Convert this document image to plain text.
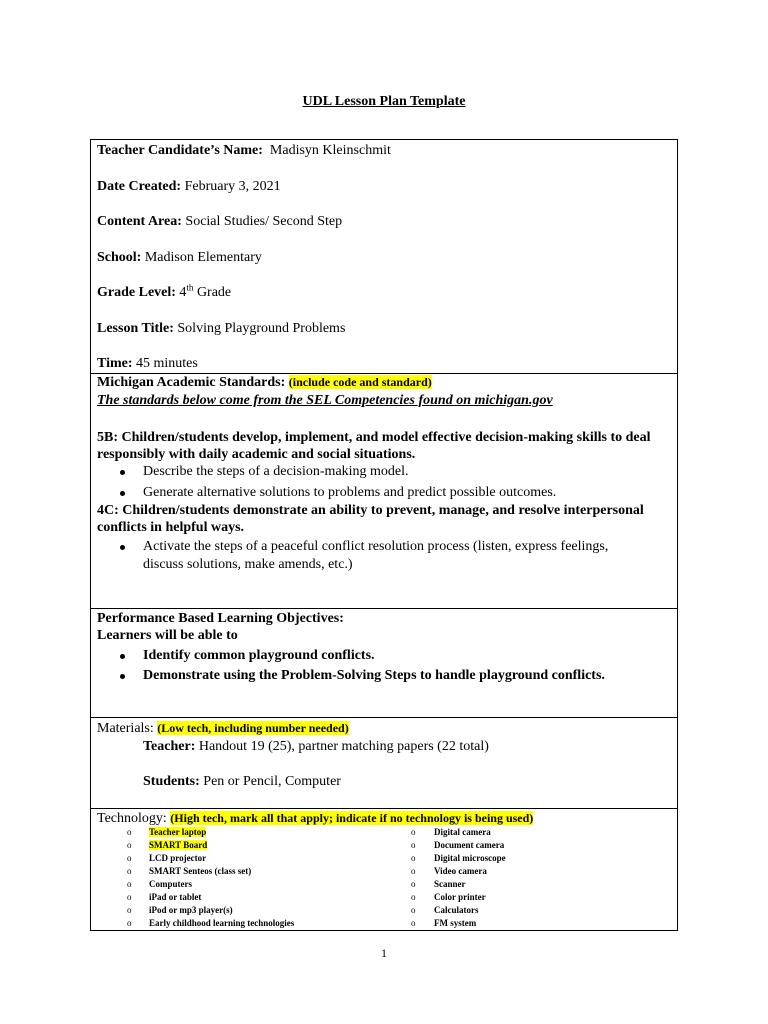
UDL Lesson Plan Template
Teacher Candidate’s Name: Madisyn Kleinschmit
Date Created: February 3, 2021
Content Area: Social Studies/ Second Step
School: Madison Elementary
Grade Level: 4th Grade
Lesson Title: Solving Playground Problems
Time: 45 minutes
Michigan Academic Standards: (include code and standard)
The standards below come from the SEL Competencies found on michigan.gov
5B: Children/students develop, implement, and model effective decision-making skills to deal responsibly with daily academic and social situations.
Describe the steps of a decision-making model.
Generate alternative solutions to problems and predict possible outcomes.
4C: Children/students demonstrate an ability to prevent, manage, and resolve interpersonal conflicts in helpful ways.
Activate the steps of a peaceful conflict resolution process (listen, express feelings,
discuss solutions, make amends, etc.)
Performance Based Learning Objectives:
Learners will be able to
Identify common playground conflicts.
Demonstrate using the Problem-Solving Steps to handle playground conflicts.
Materials: (Low tech, including number needed)
Teacher: Handout 19 (25), partner matching papers (22 total)
Students: Pen or Pencil, Computer
Technology: (High tech, mark all that apply; indicate if no technology is being used)
o Teacher laptop
o SMART Board
o LCD projector
o SMART Senteos (class set)
o Computers
o iPad or tablet
o iPod or mp3 player(s)
o Early childhood learning technologies
o Digital camera
o Document camera
o Digital microscope
o Video camera
o Scanner
o Color printer
o Calculators
o FM system
1
